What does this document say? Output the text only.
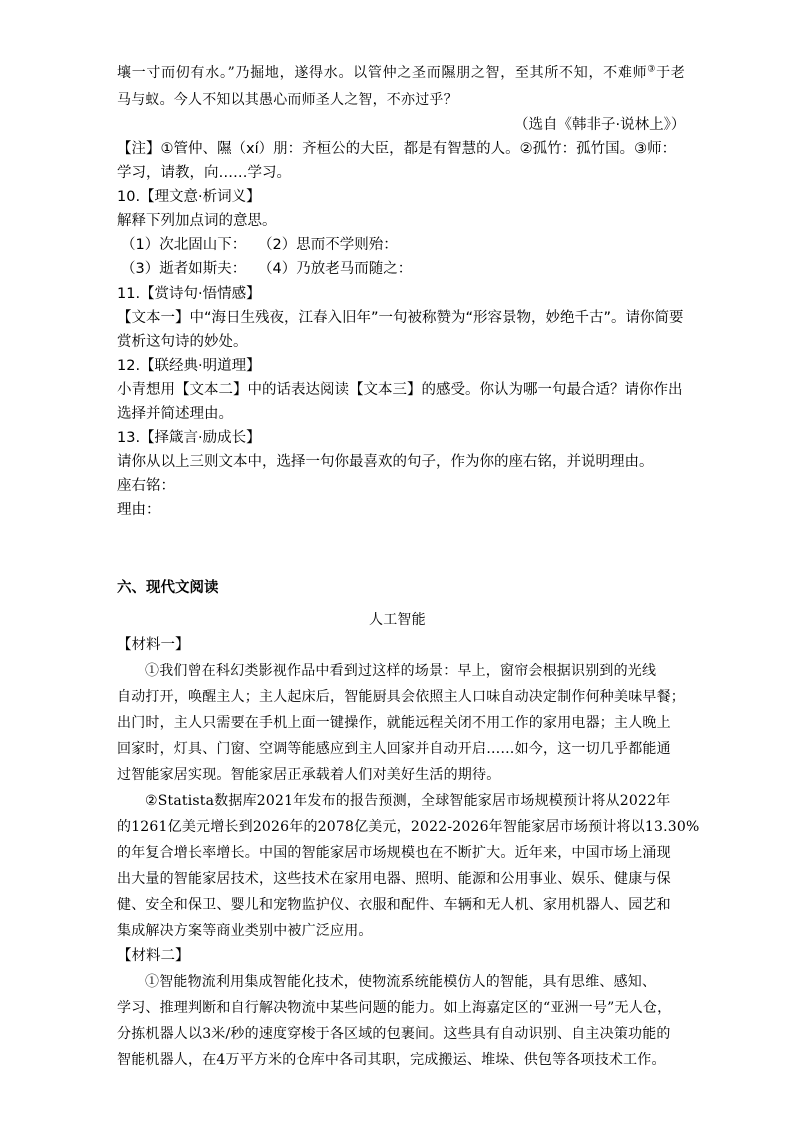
壤一寸而仞有水。”乃掘地，遂得水。以管仲之圣而隰朋之智，至其所不知，不难师③于老
马与蚁。今人不知以其愚心而师圣人之智，不亦过乎？
（选自《韩非子·说林上》）
【注】①管仲、隰（xí）朋：齐桓公的大臣，都是有智慧的人。②孤竹：孤竹国。③师：
学习，请教，向……学习。
10.【理文意·析词义】
解释下列加点词的意思。
（1）次北固山下： （2）思而不学则殆：
（3）逝者如斯夫： （4）乃放老马而随之：
11.【赏诗句·悟情感】
【文本一】中“海日生残夜，江春入旧年”一句被称赞为“形容景物，妙绝千古”。请你简要
赏析这句诗的妙处。
12.【联经典·明道理】
小青想用【文本二】中的话表达阅读【文本三】的感受。你认为哪一句最合适？请你作出
选择并简述理由。
13.【择箴言·励成长】
请你从以上三则文本中，选择一句你最喜欢的句子，作为你的座右铭，并说明理由。
座右铭：
理由：
六、现代文阅读
人工智能
【材料一】
①我们曾在科幻类影视作品中看到过这样的场景：早上，窗帘会根据识别到的光线
自动打开，唤醒主人；主人起床后，智能厨具会依照主人口味自动决定制作何种美味早餐；
出门时，主人只需要在手机上面一键操作，就能远程关闭不用工作的家用电器；主人晚上
回家时，灯具、门窗、空调等能感应到主人回家并自动开启……如今，这一切几乎都能通
过智能家居实现。智能家居正承载着人们对美好生活的期待。
②Statista数据库2021年发布的报告预测，全球智能家居市场规模预计将从2022年
的1261亿美元增长到2026年的2078亿美元，2022-2026年智能家居市场预计将以13.30%
的年复合增长率增长。中国的智能家居市场规模也在不断扩大。近年来，中国市场上涌现
出大量的智能家居技术，这些技术在家用电器、照明、能源和公用事业、娱乐、健康与保
健、安全和保卫、婴儿和宠物监护仪、衣服和配件、车辆和无人机、家用机器人、园艺和
集成解决方案等商业类别中被广泛应用。
【材料二】
①智能物流利用集成智能化技术，使物流系统能模仿人的智能，具有思维、感知、
学习、推理判断和自行解决物流中某些问题的能力。如上海嘉定区的“亚洲一号”无人仓，
分拣机器人以3米/秒的速度穿梭于各区域的包裹间。这些具有自动识别、自主决策功能的
智能机器人，在4万平方米的仓库中各司其职，完成搬运、堆垛、供包等各项技术工作。
